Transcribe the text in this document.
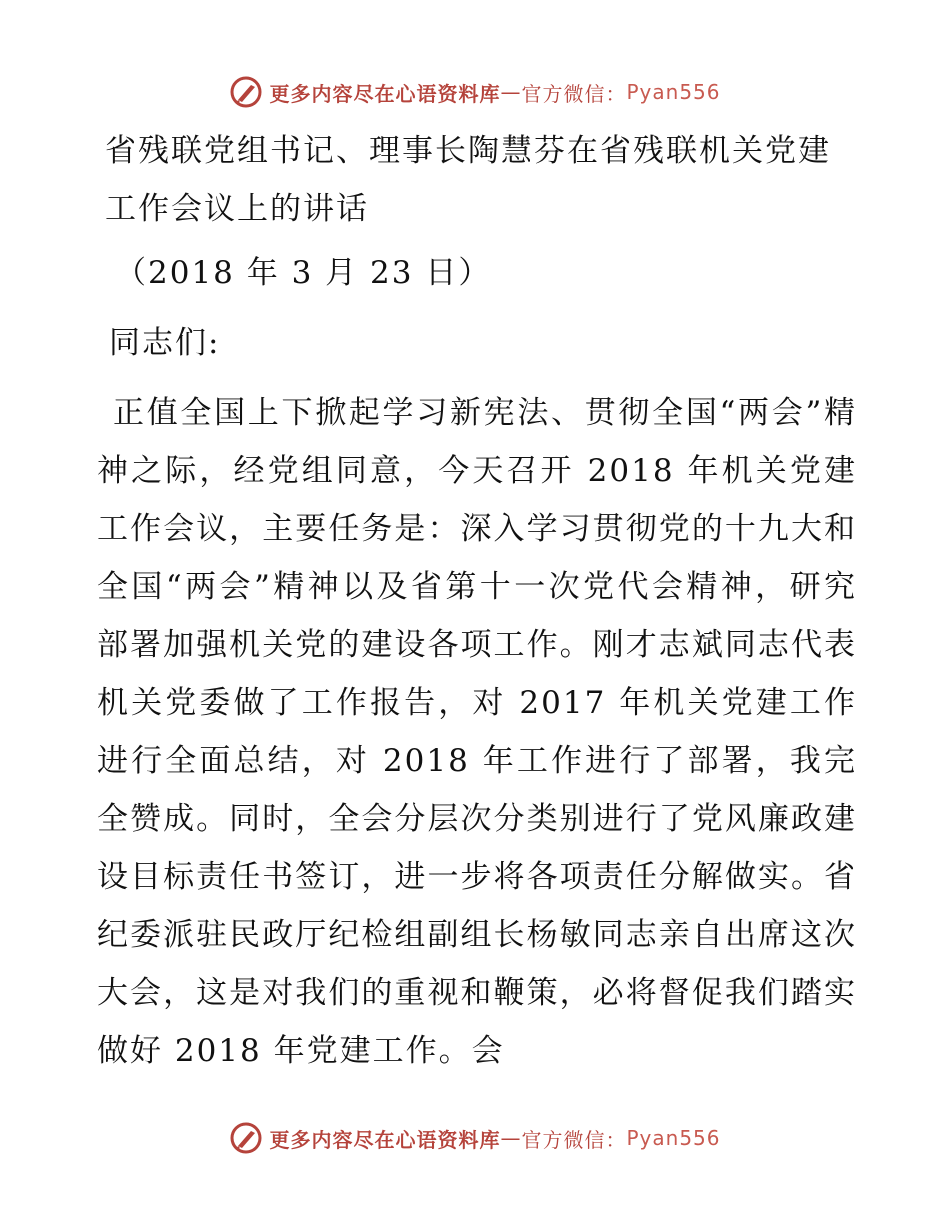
更多内容尽在心语资料库 — 官方微信： Pyan556
省残联党组书记、理事长陶慧芬在省残联机关党建工作会议上的讲话

（2018 年 3 月 23 日）

同志们:

正值全国上下掀起学习新宪法、贯彻全国“两会”精神之际，经党组同意，今天召开 2018 年机关党建工作会议，主要任务是：深入学习贯彻党的十九大和全国“两会”精神以及省第十一次党代会精神，研究部署加强机关党的建设各项工作。刚才志斌同志代表机关党委做了工作报告，对 2017 年机关党建工作进行全面总结，对 2018 年工作进行了部署，我完全赞成。同时，全会分层次分类别进行了党风廉政建设目标责任书签订，进一步将各项责任分解做实。省纪委派驻民政厅纪检组副组长杨敏同志亲自出席这次大会，这是对我们的重视和鞭策，必将督促我们踏实做好 2018 年党建工作。会

更多内容尽在心语资料库 — 官方微信： Pyan556
